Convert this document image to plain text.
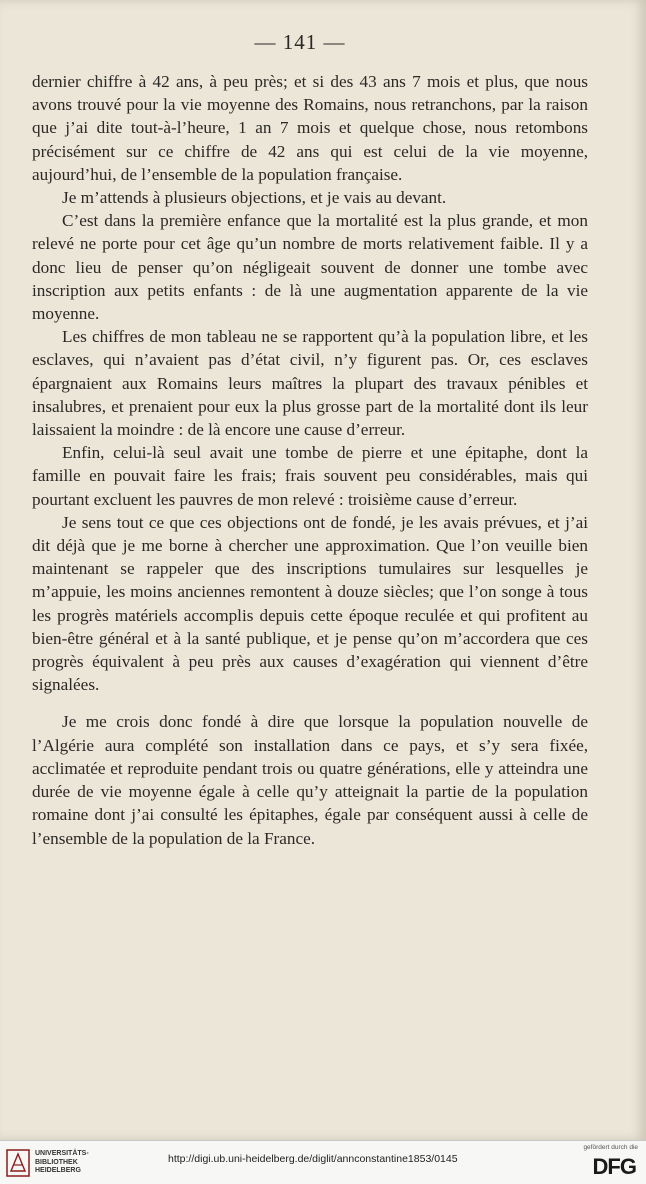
— 141 —

dernier chiffre à 42 ans, à peu près; et si des 43 ans 7 mois et plus, que nous avons trouvé pour la vie moyenne des Romains, nous retranchons, par la raison que j’ai dite tout-à-l’heure, 1 an 7 mois et quelque chose, nous retombons précisément sur ce chiffre de 42 ans qui est celui de la vie moyenne, aujourd’hui, de l’ensemble de la population française.

Je m’attends à plusieurs objections, et je vais au devant.

C’est dans la première enfance que la mortalité est la plus grande, et mon relevé ne porte pour cet âge qu’un nombre de morts relativement faible. Il y a donc lieu de penser qu’on négligeait souvent de donner une tombe avec inscription aux petits enfants : de là une augmentation apparente de la vie moyenne.

Les chiffres de mon tableau ne se rapportent qu’à la population libre, et les esclaves, qui n’avaient pas d’état civil, n’y figurent pas. Or, ces esclaves épargnaient aux Romains leurs maîtres la plupart des travaux pénibles et insalubres, et prenaient pour eux la plus grosse part de la mortalité dont ils leur laissaient la moindre : de là encore une cause d’erreur.

Enfin, celui-là seul avait une tombe de pierre et une épitaphe, dont la famille en pouvait faire les frais; frais souvent peu considérables, mais qui pourtant excluent les pauvres de mon relevé : troisième cause d’erreur.

Je sens tout ce que ces objections ont de fondé, je les avais prévues, et j’ai dit déjà que je me borne à chercher une approximation. Que l’on veuille bien maintenant se rappeler que des inscriptions tumulaires sur lesquelles je m’appuie, les moins anciennes remontent à douze siècles; que l’on songe à tous les progrès matériels accomplis depuis cette époque reculée et qui profitent au bien-être général et à la santé publique, et je pense qu’on m’accordera que ces progrès équivalent à peu près aux causes d’exagération qui viennent d’être signalées.

Je me crois donc fondé à dire que lorsque la population nouvelle de l’Algérie aura complété son installation dans ce pays, et s’y sera fixée, acclimatée et reproduite pendant trois ou quatre générations, elle y atteindra une durée de vie moyenne égale à celle qu’y atteignait la partie de la population romaine dont j’ai consulté les épitaphes, égale par conséquent aussi à celle de l’ensemble de la population de la France.

UNIVERSITÄTS-
BIBLIOTHEK
HEIDELBERG
http://digi.ub.uni-heidelberg.de/diglit/annconstantine1853/0145
gefördert durch die
DFG
